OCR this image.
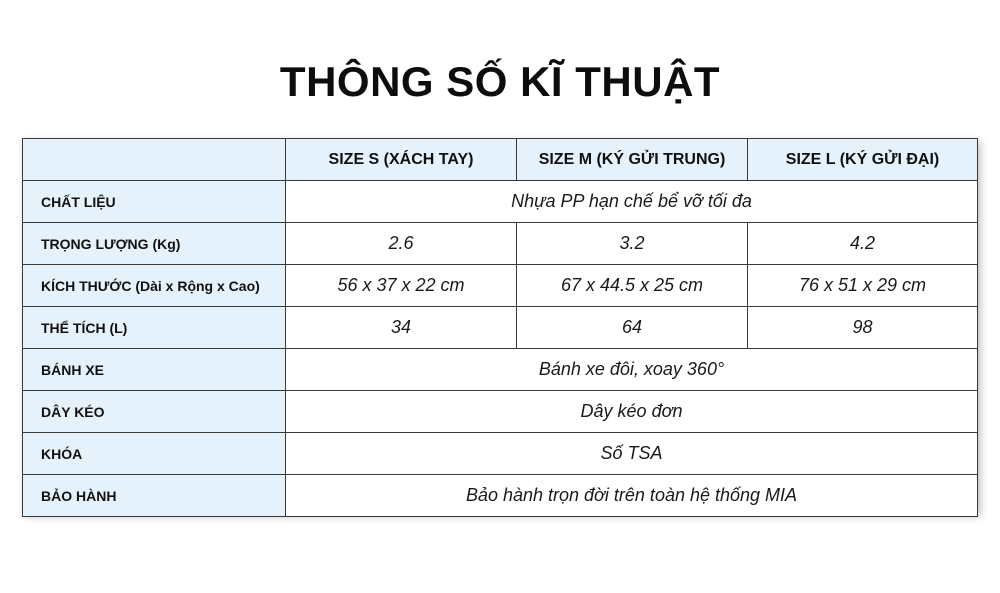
THÔNG SỐ KĨ THUẬT
	SIZE S (XÁCH TAY)	SIZE M (KÝ GỬI TRUNG)	SIZE L (KÝ GỬI ĐẠI)
CHẤT LIỆU	Nhựa PP hạn chế bể vỡ tối đa		
TRỌNG LƯỢNG (Kg)	2.6	3.2	4.2
KÍCH THƯỚC (Dài x Rộng x Cao)	56 x 37 x 22 cm	67 x 44.5 x 25 cm	76 x 51 x 29 cm
THỂ TÍCH (L)	34	64	98
BÁNH XE	Bánh xe đôi, xoay 360°		
DÂY KÉO	Dây kéo đơn		
KHÓA	Số TSA		
BẢO HÀNH	Bảo hành trọn đời trên toàn hệ thống MIA		
